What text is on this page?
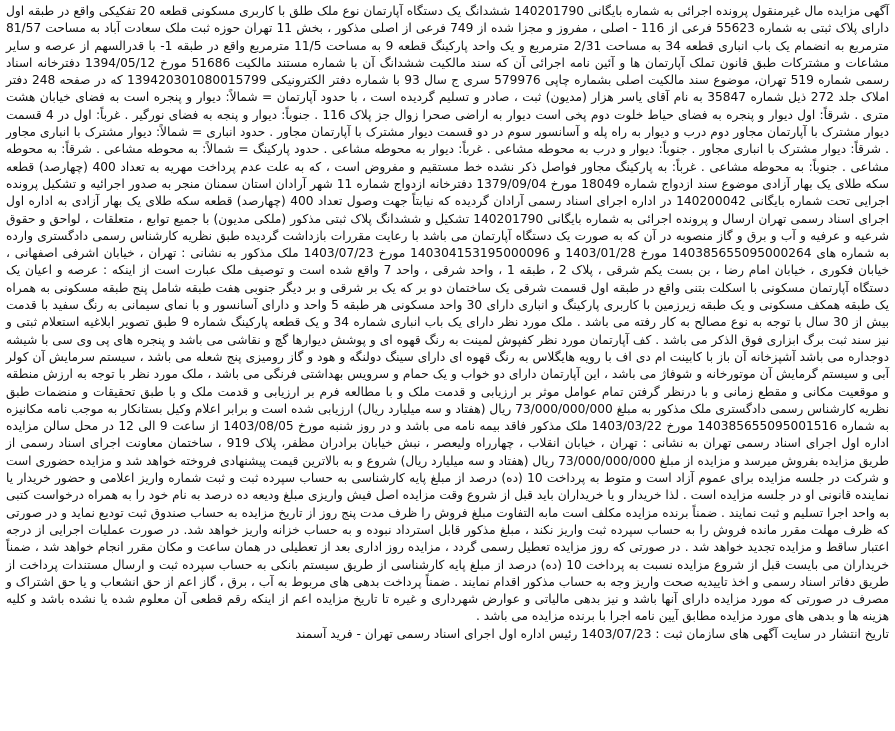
آگهی مزایده مال غیرمنقول پرونده اجرائی به شماره بایگانی 140201790 ششدانگ یک دستگاه آپارتمان نوع ملک طلق با کاربری مسکونی قطعه 20 تفکیکی واقع در طبقه اول دارای پلاک ثبتی به شماره 55623 فرعی از 116 - اصلی ، مفروز و مجزا شده از 749 فرعی از اصلی مذکور ، بخش 11 تهران حوزه ثبت ملک سعادت آباد به مساحت 81/57 مترمربع به انضمام یک باب انباری قطعه 34 به مساحت 2/31 مترمربع و یک واحد پارکینگ قطعه 9 به مساحت 11/5 مترمربع واقع در طبقه 1- با قدرالسهم از عرصه و سایر مشاعات و مشترکات طبق قانون تملک آپارتمان ها و آئین نامه اجرائی آن که سند مالکیت ششدانگ آن با شماره مستند مالکیت 51686 مورخ 1394/05/12 دفترخانه اسناد رسمی شماره 519 تهران، موضوع سند مالکیت اصلی بشماره چاپی 579976 سری ج سال 93 با شماره دفتر الکترونیکی 139420301080015799 که در صفحه 248 دفتر املاک جلد 272 ذیل شماره 35847 به نام آقای یاسر هزار (مدیون) ثبت ، صادر و تسلیم گردیده است ، با حدود آپارتمان = شمالاً: دیوار و پنجره است به فضای خیابان هشت متری . شرقاً: اول دیوار و پنجره به فضای حیاط خلوت دوم پخی است دیوار به اراضی صحرا زوال جز پلاک 116 . جنوباً: دیوار و پنجه به فضای نورگیر . غرباً: اول در 4 قسمت دیوار مشترک با آپارتمان مجاور دوم درب و دیوار به راه پله و آسانسور سوم در دو قسمت دیوار مشترک با آپارتمان مجاور . حدود انباری = شمالاً: دیوار مشترک با انباری مجاور . شرقاً: دیوار مشترک با انباری مجاور . جنوباً: دیوار و درب به محوطه مشاعی . غرباً: دیوار به محوطه مشاعی . حدود پارکینگ = شمالاً: به محوطه مشاعی . شرقاً: به محوطه مشاعی . جنوباً: به محوطه مشاعی . غرباً: به پارکینگ مجاور فواصل ذکر نشده خط مستقیم و مفروض است ، که به علت عدم پرداخت مهریه به تعداد 400 (چهارصد) قطعه سکه طلای یک بهار آزادی موضوع سند ازدواج شماره 18049 مورخ 1379/09/04 دفترخانه ازدواج شماره 11 شهر آرادان استان سمنان منجر به صدور اجرائیه و تشکیل پرونده اجرایی تحت شماره بایگانی 140200042 در اداره اجرای اسناد رسمی آرادان گردیده که نیابتاً جهت وصول تعداد 400 (چهارصد) قطعه سکه طلای یک بهار آزادی به اداره اول اجرای اسناد رسمی تهران ارسال و پرونده اجرائی به شماره بایگانی 140201790 تشکیل و ششدانگ پلاک ثبتی مذکور (ملکی مدیون) با جمیع توابع ، متعلقات ، لواحق و حقوق شرعیه و عرفیه و آب و برق و گاز منصوبه در آن که به صورت یک دستگاه آپارتمان می باشد با رعایت مقررات بازداشت گردیده طبق نظریه کارشناس رسمی دادگستری وارده به شماره های 140385655095000264 مورخ 1403/01/28 و 140304153195000096 مورخ 1403/07/23 ملک مذکور به نشانی : تهران ، خیابان اشرفی اصفهانی ، خیابان فکوری ، خیابان امام رضا ، بن بست یکم شرقی ، پلاک 2 ، طبقه 1 ، واحد شرقی ، واحد 7 واقع شده است و توصیف ملک عبارت است از اینکه : عرصه و اعیان یک دستگاه آپارتمان مسکونی با اسکلت بتنی واقع در طبقه اول قسمت شرقی یک ساختمان دو بر که یک بر شرقی و بر دیگر جنوبی هفت طبقه شامل پنج طبقه مسکونی به همراه یک طبقه همکف مسکونی و یک طبقه زیرزمین با کاربری پارکینگ و انباری دارای 30 واحد مسکونی هر طبقه 5 واحد و دارای آسانسور و با نمای سیمانی به رنگ سفید با قدمت بیش از 30 سال با توجه به نوع مصالح به کار رفته می باشد . ملک مورد نظر دارای یک باب انباری شماره 34 و یک قطعه پارکینگ شماره 9 طبق تصویر ابلاغیه استعلام ثبتی و نیز سند ثبت برگ ابزاری فوق الذکر می باشد . کف آپارتمان مورد نظر کفپوش لمینت به رنگ قهوه ای و پوشش دیوارها گچ و نقاشی می باشد و پنجره های پی وی سی با شیشه دوجداره می باشد آشپزخانه آن باز با کابینت ام دی اف با رویه هایگلاس به رنگ قهوه ای دارای سینگ دولنگه و هود و گاز رومیزی پنج شعله می باشد ، سیستم سرمایش آن کولر آبی و سیستم گرمایش آن موتورخانه و شوفاژ می باشد ، این آپارتمان دارای دو خواب و یک حمام و سرویس بهداشتی فرنگی می باشد ، ملک مورد نظر با توجه به ارزش منطقه و موقعیت مکانی و مقطع زمانی و با درنظر گرفتن تمام عوامل موثر بر ارزیابی و قدمت ملک و با مطالعه فرم بر ارزیابی و قدمت ملک و با طبق تحقیقات و منضمات طبق نظریه کارشناس رسمی دادگستری ملک مذکور به مبلغ 73/000/000/000 ریال (هفتاد و سه میلیارد ریال) ارزیابی شده است و برابر اعلام وکیل بستانکار به موجب نامه مکانیزه به شماره 140385655095001516 مورخ 1403/03/22 ملک مذکور فاقد بیمه نامه می باشد و در روز شنبه مورخ 1403/08/05 از ساعت 9 الی 12 در محل سالن مزایده اداره اول اجرای اسناد رسمی تهران به نشانی : تهران ، خیابان انقلاب ، چهارراه ولیعصر ، نبش خیابان برادران مظفر، پلاک 919 ، ساختمان معاونت اجرای اسناد رسمی از طریق مزایده بفروش میرسد و مزایده از مبلغ 73/000/000/000 ریال (هفتاد و سه میلیارد ریال) شروع و به بالاترین قیمت پیشنهادی فروخته خواهد شد و مزایده حضوری است و شرکت در جلسه مزایده برای عموم آزاد است و متوط به پرداخت 10 (ده) درصد از مبلغ پایه کارشناسی به حساب سپرده ثبت و ثبت شماره واریز اعلامی و حضور خریدار یا نماینده قانونی او در جلسه مزایده است . لذا خریدار و یا خریداران باید قبل از شروع وقت مزایده اصل فیش واریزی مبلغ ودیعه ده درصد به نام خود را به همراه درخواست کتبی به واحد اجرا تسلیم و ثبت نمایند . ضمناً برنده مزایده مکلف است مابه التفاوت مبلغ فروش را ظرف مدت پنج روز از تاریخ مزایده به حساب صندوق ثبت تودیع نماید و در صورتی که ظرف مهلت مقرر مانده فروش را به حساب سپرده ثبت واریز نکند ، مبلغ مذکور قابل استرداد نبوده و به حساب خزانه واریز خواهد شد. در صورت عملیات اجرایی از درجه اعتبار ساقط و مزایده تجدید خواهد شد . در صورتی که روز مزایده تعطیل رسمی گردد ، مزایده روز اداری بعد از تعطیلی در همان ساعت و مکان مقرر انجام خواهد شد ، ضمناً خریداران می بایست قبل از شروع مزایده نسبت به پرداخت 10 (ده) درصد از مبلغ پایه کارشناسی از طریق سیستم بانکی به حساب سپرده ثبت و ارسال مستندات پرداخت از طریق دفاتر اسناد رسمی و اخذ تاییدیه صحت واریز وجه به حساب مذکور اقدام نمایند . ضمناً پرداخت بدهی های مربوط به آب ، برق ، گاز اعم از حق انشعاب و یا حق اشتراک و مصرف در صورتی که مورد مزایده دارای آنها باشد و نیز بدهی مالیاتی و عوارض شهرداری و غیره تا تاریخ مزایده اعم از اینکه رقم قطعی آن معلوم شده یا نشده باشد و کلیه هزینه ها و بدهی های مورد مزایده مطابق آیین نامه اجرا با برنده مزایده می باشد .

تاریخ انتشار در سایت آگهی های سازمان ثبت : 1403/07/23 رئیس اداره اول اجرای اسناد رسمی تهران - فرید آسمند
